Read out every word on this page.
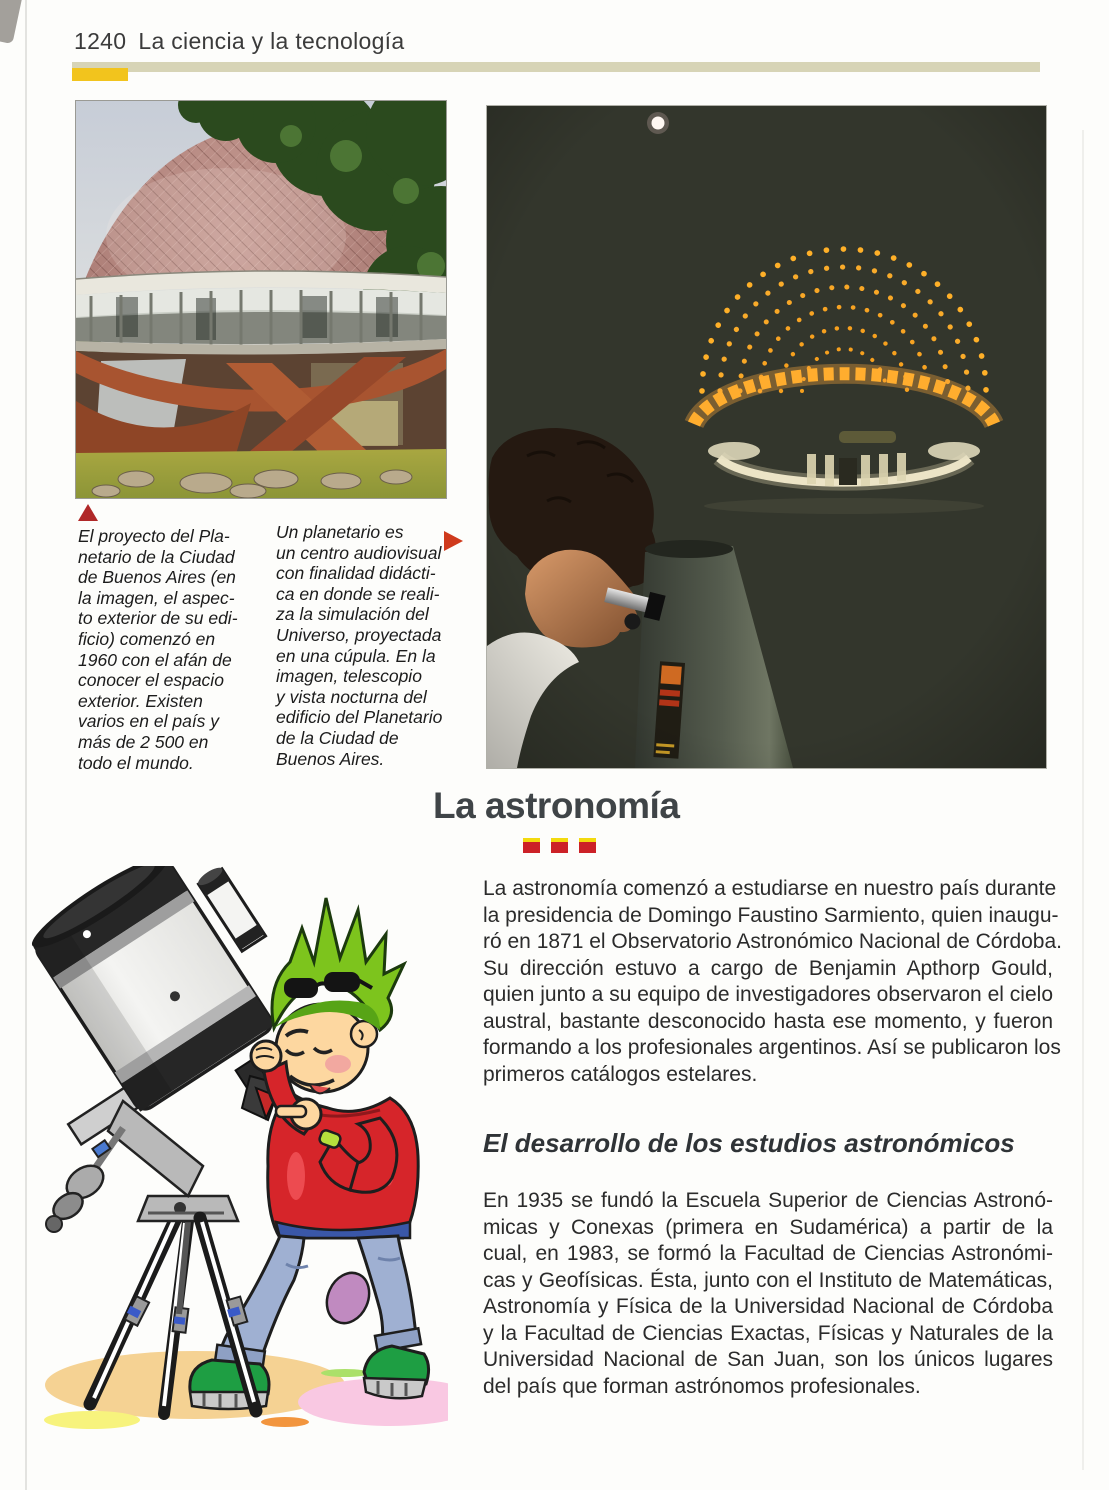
1240 La ciencia y la tecnología
El proyecto del Pla-
netario de la Ciudad
de Buenos Aires (en
la imagen, el aspec-
to exterior de su edi-
ficio) comenzó en
1960 con el afán de
conocer el espacio
exterior. Existen
varios en el país y
más de 2 500 en
todo el mundo.
Un planetario es
un centro audiovisual
con finalidad didácti-
ca en donde se reali-
za la simulación del
Universo, proyectada
en una cúpula. En la
imagen, telescopio
y vista nocturna del
edificio del Planetario
de la Ciudad de
Buenos Aires.
La astronomía
La astronomía comenzó a estudiarse en nuestro país durante
la presidencia de Domingo Faustino Sarmiento, quien inaugu-
ró en 1871 el Observatorio Astronómico Nacional de Córdoba.
Su dirección estuvo a cargo de Benjamin Apthorp Gould,
quien junto a su equipo de investigadores observaron el cielo
austral, bastante desconocido hasta ese momento, y fueron
formando a los profesionales argentinos. Así se publicaron los
primeros catálogos estelares.
El desarrollo de los estudios astronómicos
En 1935 se fundó la Escuela Superior de Ciencias Astronó-
micas y Conexas (primera en Sudamérica) a partir de la
cual, en 1983, se formó la Facultad de Ciencias Astronómi-
cas y Geofísicas. Ésta, junto con el Instituto de Matemáticas,
Astronomía y Física de la Universidad Nacional de Córdoba
y la Facultad de Ciencias Exactas, Físicas y Naturales de la
Universidad Nacional de San Juan, son los únicos lugares
del país que forman astrónomos profesionales.
